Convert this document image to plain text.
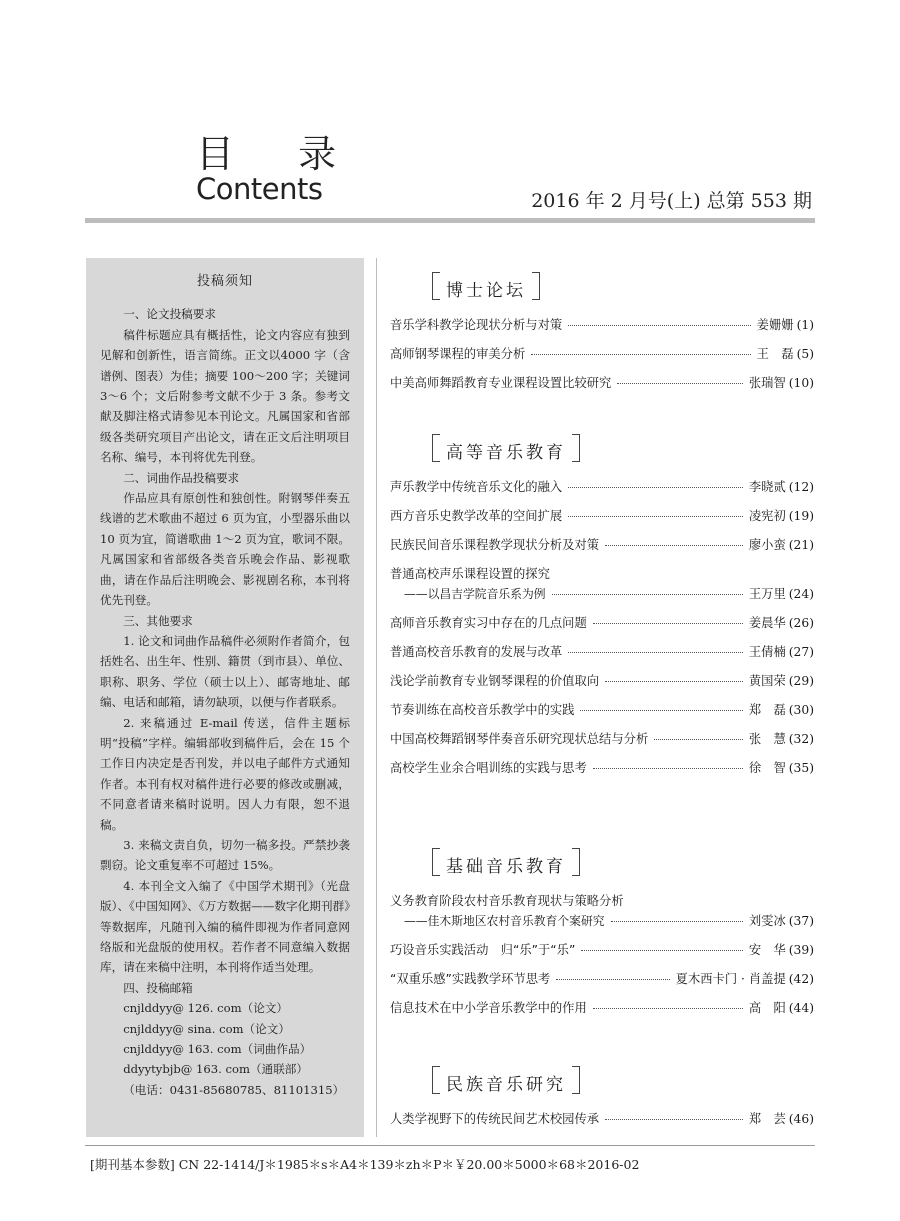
目 录
Contents	2016 年 2 月号(上) 总第 553 期
投稿须知
一、论文投稿要求
稿件标题应具有概括性，论文内容应有独到见解和创新性，语言简练。正文以4000 字（含谱例、图表）为佳；摘要 100～200 字；关键词 3～6 个；文后附参考文献不少于 3 条。参考文献及脚注格式请参见本刊论文。凡属国家和省部级各类研究项目产出论文，请在正文后注明项目名称、编号，本刊将优先刊登。
二、词曲作品投稿要求
作品应具有原创性和独创性。附钢琴伴奏五线谱的艺术歌曲不超过 6 页为宜，小型器乐曲以 10 页为宜，简谱歌曲 1～2 页为宜，歌词不限。凡属国家和省部级各类音乐晚会作品、影视歌曲，请在作品后注明晚会、影视剧名称，本刊将优先刊登。
三、其他要求
1. 论文和词曲作品稿件必须附作者简介，包括姓名、出生年、性别、籍贯（到市县）、单位、职称、职务、学位（硕士以上）、邮寄地址、邮编、电话和邮箱，请勿缺项，以便与作者联系。
2. 来稿通过 E-mail 传送，信件主题标明“投稿”字样。编辑部收到稿件后，会在 15 个工作日内决定是否刊发，并以电子邮件方式通知作者。本刊有权对稿件进行必要的修改或删减，不同意者请来稿时说明。因人力有限，恕不退稿。
3. 来稿文责自负，切勿一稿多投。严禁抄袭剽窃。论文重复率不可超过 15%。
4. 本刊全文入编了《中国学术期刊》（光盘版）、《中国知网》、《万方数据——数字化期刊群》等数据库，凡随刊入编的稿件即视为作者同意网络版和光盘版的使用权。若作者不同意编入数据库，请在来稿中注明，本刊将作适当处理。
四、投稿邮箱
cnjlddyy@ 126. com（论文）
cnjlddyy@ sina. com（论文）
cnjlddyy@ 163. com（词曲作品）
ddyytybjb@ 163. com（通联部）
（电话：0431-85680785、81101315）
博士论坛
音乐学科教学论现状分析与对策	姜姗姗 (1)
高师钢琴课程的审美分析	王　磊 (5)
中美高师舞蹈教育专业课程设置比较研究	张瑞智 (10)
高等音乐教育
声乐教学中传统音乐文化的融入	李晓贰 (12)
西方音乐史教学改革的空间扩展	凌宪初 (19)
民族民间音乐课程教学现状分析及对策	廖小蛮 (21)
普通高校声乐课程设置的探究
——以昌吉学院音乐系为例	王万里 (24)
高师音乐教育实习中存在的几点问题	姜晨华 (26)
普通高校音乐教育的发展与改革	王倩楠 (27)
浅论学前教育专业钢琴课程的价值取向	黄国荣 (29)
节奏训练在高校音乐教学中的实践	郑　磊 (30)
中国高校舞蹈钢琴伴奏音乐研究现状总结与分析	张　慧 (32)
高校学生业余合唱训练的实践与思考	徐　智 (35)
基础音乐教育
义务教育阶段农村音乐教育现状与策略分析
——佳木斯地区农村音乐教育个案研究	刘雯冰 (37)
巧设音乐实践活动　归“乐”于“乐”	安　华 (39)
“双重乐感”实践教学环节思考	夏木西卡门 · 肖盖提 (42)
信息技术在中小学音乐教学中的作用	高　阳 (44)
民族音乐研究
人类学视野下的传统民间艺术校园传承	郑　芸 (46)
[期刊基本参数] CN 22-1414/J＊1985＊s＊A4＊139＊zh＊P＊￥20.00＊5000＊68＊2016-02
